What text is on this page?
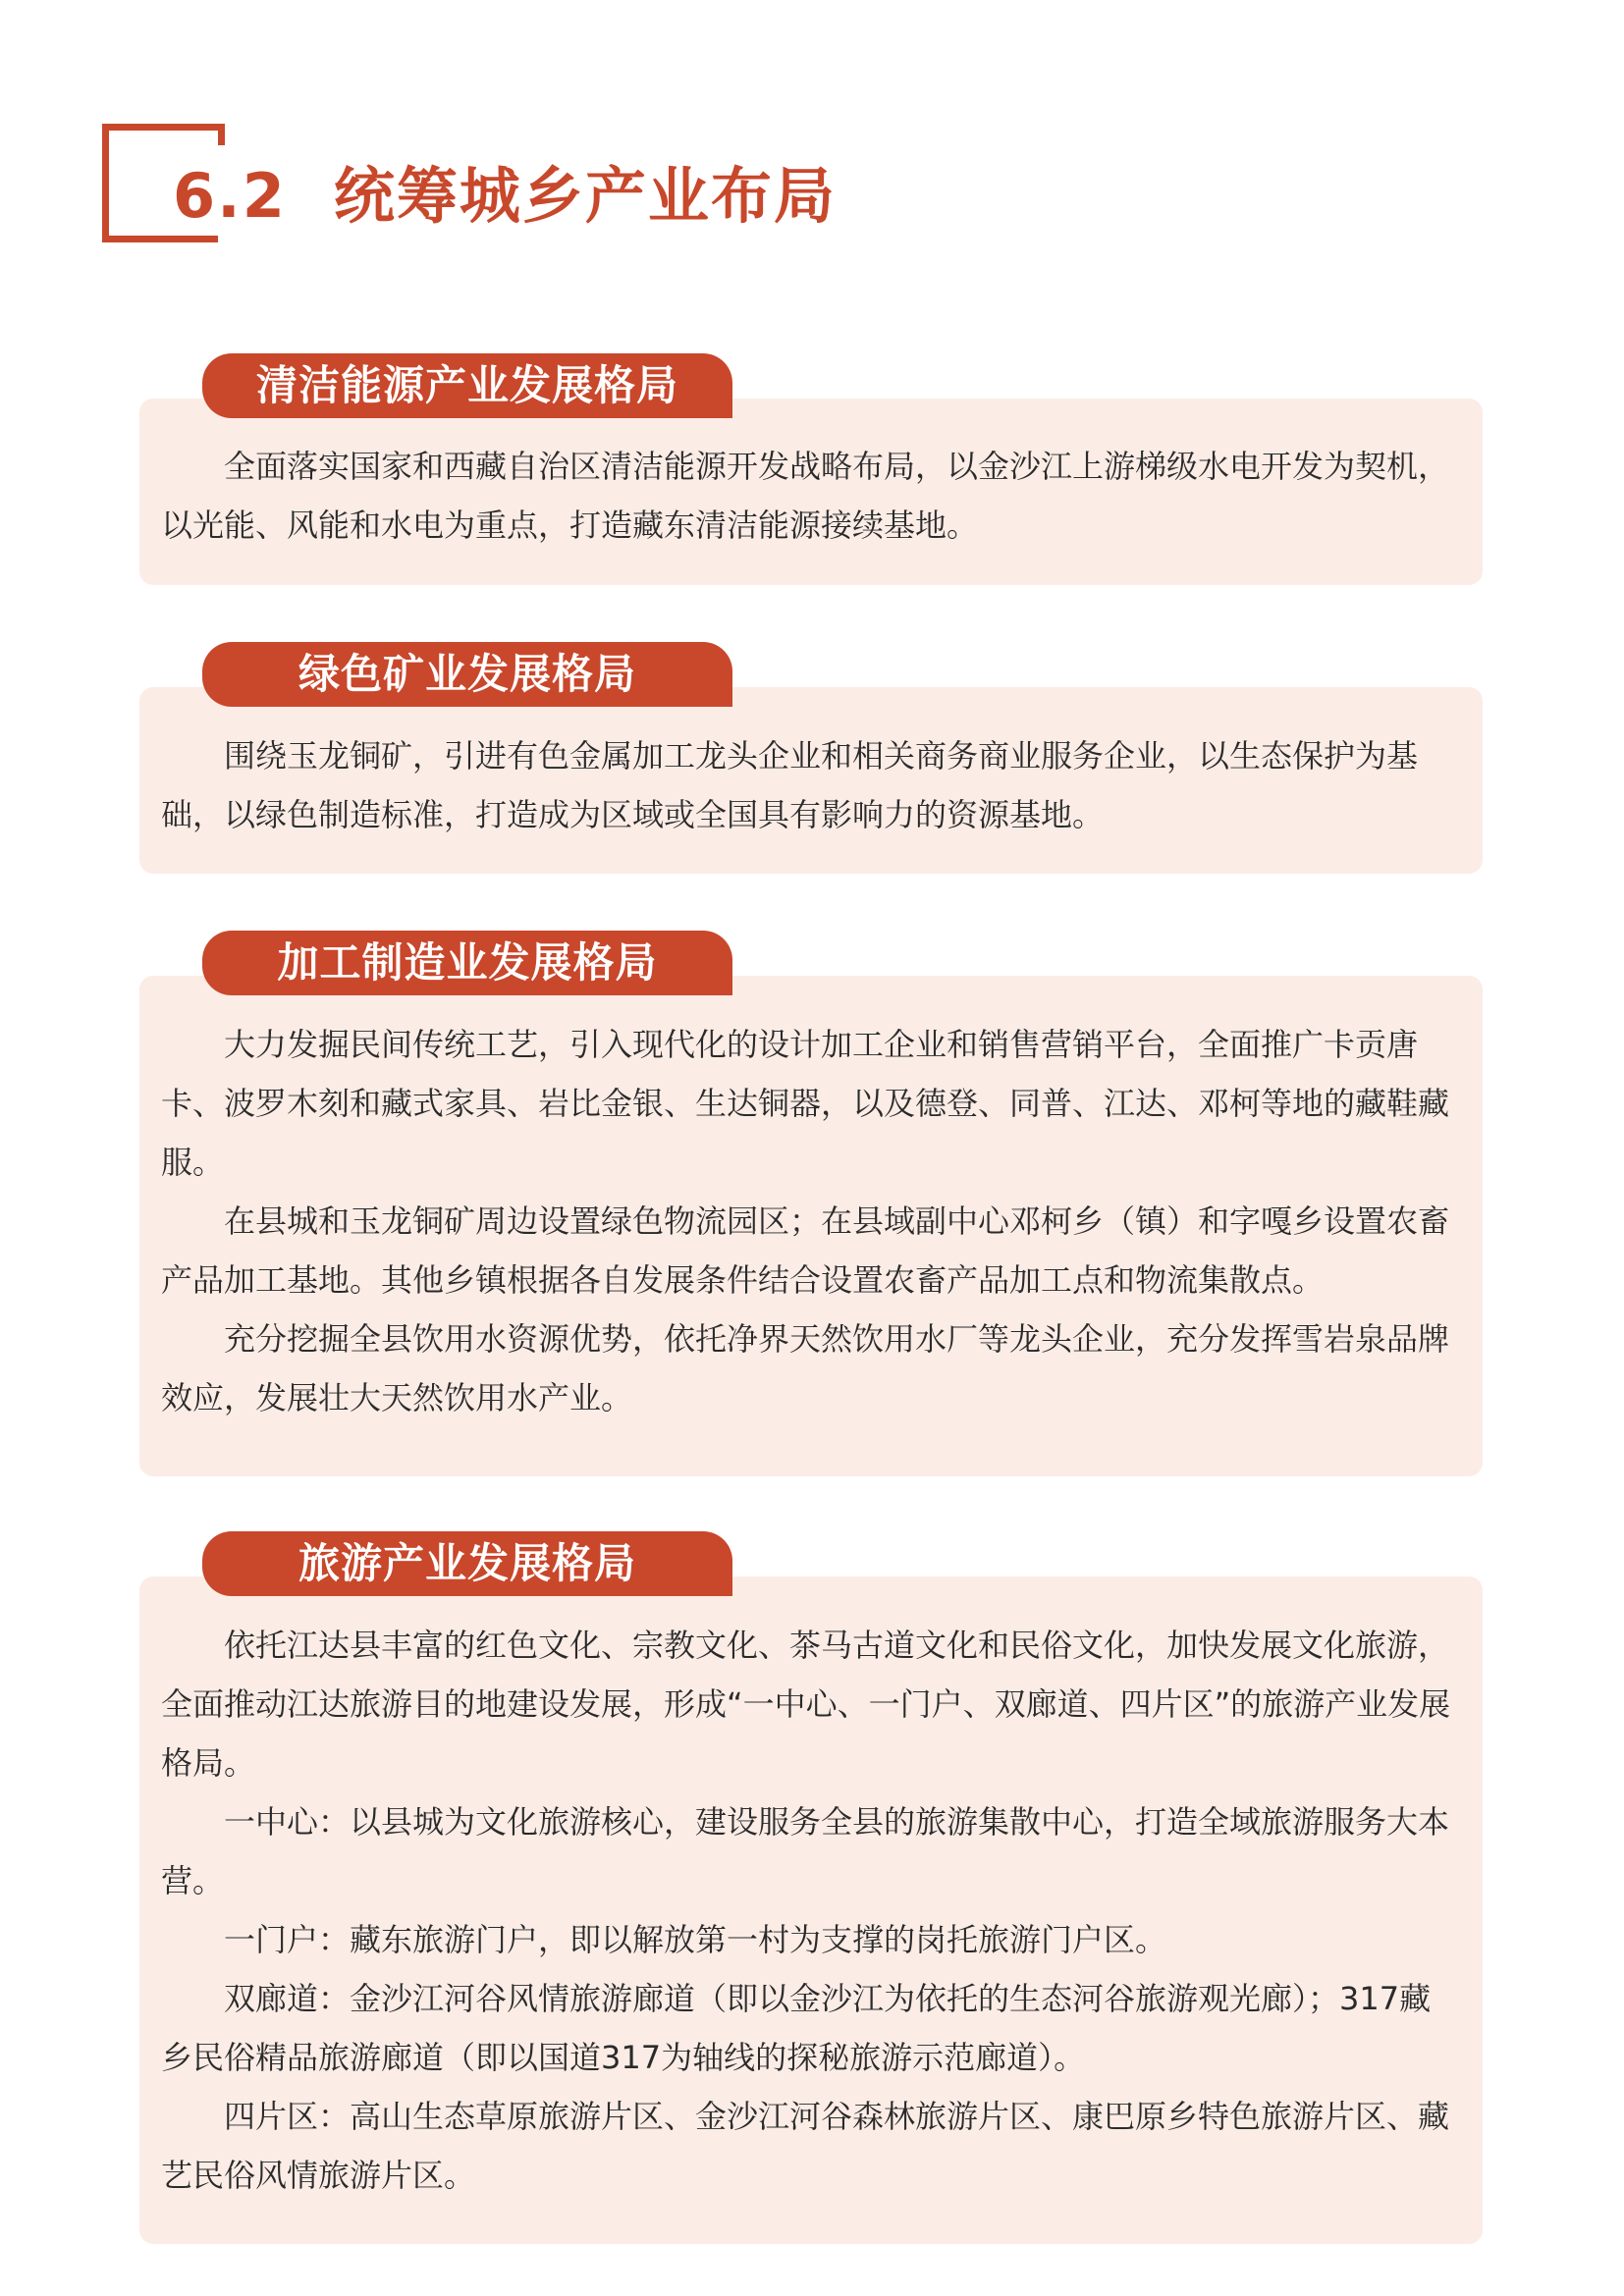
6.2 统筹城乡产业布局
清洁能源产业发展格局

全面落实国家和西藏自治区清洁能源开发战略布局，以金沙江上游梯级水电开发为契机，以光能、风能和水电为重点，打造藏东清洁能源接续基地。

绿色矿业发展格局

围绕玉龙铜矿，引进有色金属加工龙头企业和相关商务商业服务企业，以生态保护为基础，以绿色制造标准，打造成为区域或全国具有影响力的资源基地。

加工制造业发展格局

大力发掘民间传统工艺，引入现代化的设计加工企业和销售营销平台，全面推广卡贡唐卡、波罗木刻和藏式家具、岩比金银、生达铜器，以及德登、同普、江达、邓柯等地的藏鞋藏服。

在县城和玉龙铜矿周边设置绿色物流园区；在县域副中心邓柯乡（镇）和字嘎乡设置农畜产品加工基地。其他乡镇根据各自发展条件结合设置农畜产品加工点和物流集散点。

充分挖掘全县饮用水资源优势，依托净界天然饮用水厂等龙头企业，充分发挥雪岩泉品牌效应，发展壮大天然饮用水产业。

旅游产业发展格局

依托江达县丰富的红色文化、宗教文化、茶马古道文化和民俗文化，加快发展文化旅游，全面推动江达旅游目的地建设发展，形成“一中心、一门户、双廊道、四片区”的旅游产业发展格局。

一中心：以县城为文化旅游核心，建设服务全县的旅游集散中心，打造全域旅游服务大本营。

一门户：藏东旅游门户，即以解放第一村为支撑的岗托旅游门户区。

双廊道：金沙江河谷风情旅游廊道（即以金沙江为依托的生态河谷旅游观光廊）；317藏乡民俗精品旅游廊道（即以国道317为轴线的探秘旅游示范廊道）。

四片区：高山生态草原旅游片区、金沙江河谷森林旅游片区、康巴原乡特色旅游片区、藏艺民俗风情旅游片区。
